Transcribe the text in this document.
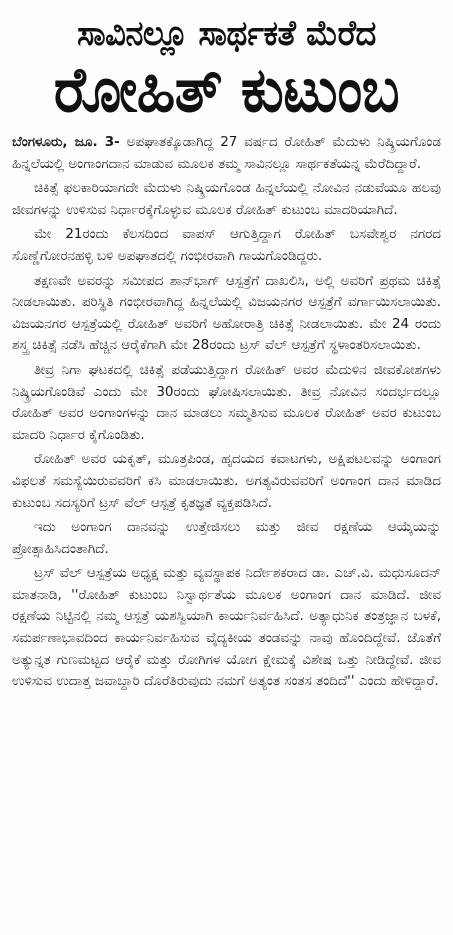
ಸಾವಿನಲ್ಲೂ ಸಾರ್ಥಕತೆ ಮೆರೆದ
ರೋಹಿತ್ ಕುಟುಂಬ

ಬೆಂಗಳೂರು, ಜೂ. 3- ಅಪಘಾತಕ್ಕೊಡಾಗಿದ್ದ 27 ವರ್ಷದ ರೋಹಿತ್ ಮೆದುಳು ನಿಷ್ಕ್ರಿಯಗೊಂಡ ಹಿನ್ನಲೆಯಲ್ಲಿ ಅಂಗಾಂಗದಾನ ಮಾಡುವ ಮೂಲಕ ತಮ್ಮ ಸಾವಿನಲ್ಲೂ ಸಾರ್ಥಕತೆಯನ್ನ ಮೆರೆದಿದ್ದಾರೆ.

ಚಿಕಿತ್ಸೆ ಫಲಕಾರಿಯಾಗದೇ ಮೆದುಳು ನಿಷ್ಕ್ರಿಯಗೊಂಡ ಹಿನ್ನಲೆಯಲ್ಲಿ ನೋವಿನ ನಡುವೆಯೂ ಹಲವು ಜೀವಗಳನ್ನು ಉಳಿಸುವ ನಿರ್ಧಾರಕ್ಕೆಗೊಳ್ಳುವ ಮೂಲಕ ರೋಹಿತ್ ಕುಟುಂಬ ಮಾದರಿಯಾಗಿದೆ.

ಮೇ 21ರಂದು ಕೆಲಸದಿಂದ ವಾಪಸ್ ಆಗುತ್ತಿದ್ದಾಗ ರೋಹಿತ್ ಬಸವೇಶ್ವರ ನಗರದ ಸೊಣ್ಣೆಗೋರನಹಳ್ಳಿ ಬಳಿ ಅಪಘಾತದಲ್ಲಿ ಗಂಭೀರವಾಗಿ ಗಾಯಗೊಂಡಿದ್ದರು.

ತಕ್ಷಣವೇ ಅವರನ್ನು ಸಮೀಪದ ಶಾನ್‌ಭಾಗ್ ಆಸ್ಪತ್ರೆಗೆ ದಾಖಲಿಸಿ, ಅಲ್ಲಿ ಅವರಿಗೆ ಪ್ರಥಮ ಚಿಕಿತ್ಸೆ ನೀಡಲಾಯಿತು. ಪರಿಸ್ಥಿತಿ ಗಂಭೀರವಾಗಿದ್ದ ಹಿನ್ನಲೆಯಲ್ಲಿ ವಿಜಯನಗರ ಆಸ್ಪತ್ರೆಗೆ ವರ್ಗಾಯಿಸಲಾಯಿತು. ವಿಜಯನಗರ ಆಸ್ಪತ್ರೆಯಲ್ಲಿ ರೋಹಿತ್ ಅವರಿಗೆ ಅಹೋರಾತ್ರಿ ಚಿಕಿತ್ಸೆ ನೀಡಲಾಯಿತು. ಮೇ 24 ರಂದು ಶಸ್ತ್ರ ಚಿಕಿತ್ಸೆ ನಡೆಸಿ ಹೆಚ್ಚಿನ ಆರೈಕೆಗಾಗಿ ಮೇ 28ರಂದು ಟ್ರಸ್ ವೆಲ್ ಆಸ್ಪತ್ರೆಗೆ ಸ್ಥಳಾಂತರಿಸಲಾಯಿತು.

ತೀವ್ರ ನಿಗಾ ಘಟಕದಲ್ಲಿ ಚಿಕಿತ್ಸೆ ಪಡೆಯುತ್ತಿದ್ದಾಗ ರೋಹಿತ್ ಅವರ ಮೆದುಳಿನ ಜೀವಕೋಶಗಳು ನಿಷ್ಕ್ರಿಯಗೊಂಡಿವೆ ಎಂದು ಮೇ 30ರಂದು ಘೋಷಿಸಲಾಯಿತು. ತೀವ್ರ ನೋವಿನ ಸಂದರ್ಭದಲ್ಲೂ ರೋಹಿತ್ ಅವರ ಅಂಗಾಂಗಳನ್ನು ದಾನ ಮಾಡಲು ಸಮ್ಮತಿಸುವ ಮೂಲಕ ರೋಹಿತ್ ಅವರ ಕುಟುಂಬ ಮಾದರಿ ನಿರ್ಧಾರ ಕೈಗೊಂಡಿತು.

ರೋಹಿತ್ ಅವರ ಯಕೃತ್, ಮೂತ್ರಪಿಂಡ, ಹೃದಯದ ಕವಾಟಗಳು, ಅಕ್ಷಿಪಟಲವನ್ನು ಅಂಗಾಂಗ ವಿಫಲತೆ ಸಮಸ್ಯೆಯಿರುವವರಿಗೆ ಕಸಿ ಮಾಡಲಾಯಿತು. ಅಗತ್ಯವಿರುವವರಿಗೆ ಅಂಗಾಂಗ ದಾನ ಮಾಡಿದ ಕುಟುಂಬ ಸದಸ್ಯರಿಗೆ ಟ್ರಸ್ ವೆಲ್ ಆಸ್ಪತ್ರೆ ಕೃತಜ್ಞತೆ ವ್ಯಕ್ತಪಡಿಸಿದೆ.

ಇದು ಅಂಗಾಂಗ ದಾನವನ್ನು ಉತ್ತೇಜಿಸಲು ಮತ್ತು ಜೀವ ರಕ್ಷಣೆಯ ಆಯ್ಕೆಯನ್ನು ಪ್ರೋತ್ಸಾಹಿಸಿದಂತಾಗಿದೆ.

ಟ್ರಸ್ ವೆಲ್ ಆಸ್ಪತ್ರೆಯ ಅಧ್ಯಕ್ಷ ಮತ್ತು ವ್ಯವಸ್ಥಾಪಕ ನಿರ್ದೇಶಕರಾದ ಡಾ. ಎಚ್.ವಿ. ಮಧುಸೂದನ್ ಮಾತನಾಡಿ, ''ರೋಹಿತ್ ಕುಟುಂಬ ನಿಸ್ವಾರ್ಥತೆಯ ಮೂಲಕ ಅಂಗಾಂಗ ದಾನ ಮಾಡಿದೆ. ಜೀವ ರಕ್ಷಣೆಯ ನಿಟ್ಟಿನಲ್ಲಿ ನಮ್ಮ ಆಸ್ಪತ್ರೆ ಯಶಸ್ವಿಯಾಗಿ ಕಾರ್ಯನಿರ್ವಹಿಸಿದೆ. ಅತ್ಯಾಧುನಿಕ ತಂತ್ರಜ್ಞಾನ ಬಳಕೆ, ಸಮರ್ಪಣಾಭಾವದಿಂದ ಕಾರ್ಯನಿರ್ವಹಿಸುವ ವೈದ್ಯಕೀಯ ತಂಡವನ್ನು ನಾವು ಹೊಂದಿದ್ದೇವೆ. ಜೊತೆಗೆ ಅತ್ಯುನ್ನತ ಗುಣಮಟ್ಟದ ಆರೈಕೆ ಮತ್ತು ರೋಗಿಗಳ ಯೋಗ ಕ್ಷೇಮಕ್ಕೆ ವಿಶೇಷ ಒತ್ತು ನೀಡಿದ್ದೇವೆ. ಜೀವ ಉಳಿಸುವ ಉದಾತ್ತ ಜವಾಬ್ದಾರಿ ದೊರೆತಿರುವುದು ನಮಗೆ ಅತ್ಯಂತ ಸಂತಸ ತಂದಿದೆ'' ಎಂದು ಹೇಳಿದ್ದಾರೆ.
